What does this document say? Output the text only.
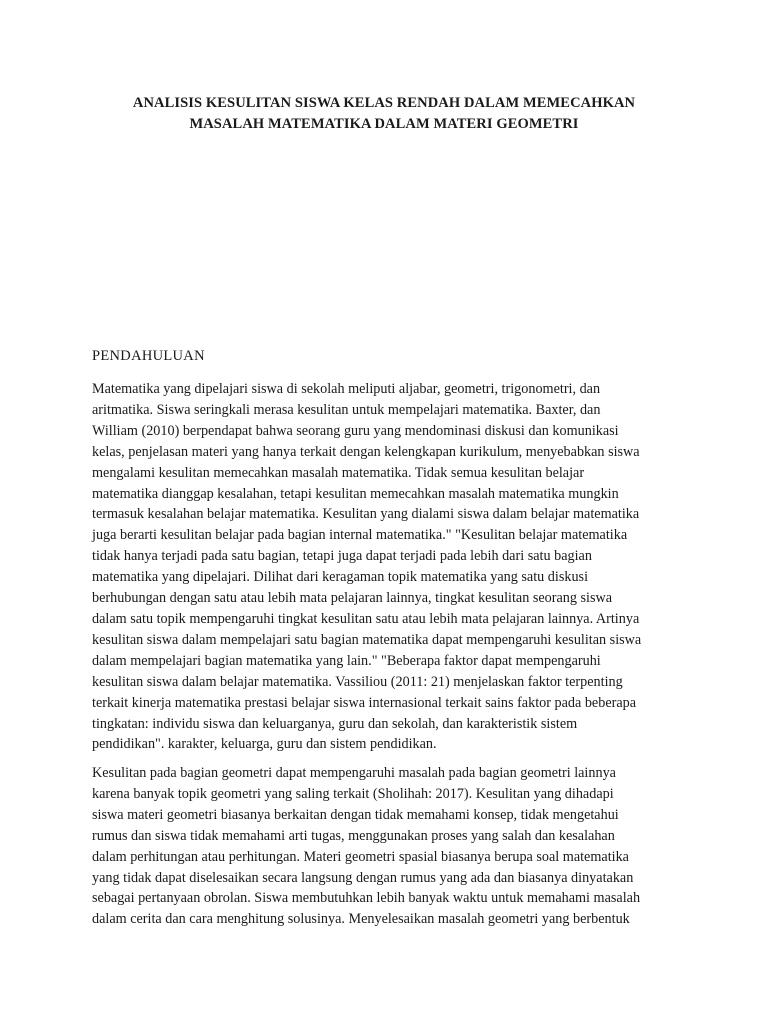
ANALISIS KESULITAN SISWA KELAS RENDAH DALAM MEMECAHKAN
MASALAH MATEMATIKA DALAM MATERI GEOMETRI
PENDAHULUAN
Matematika yang dipelajari siswa di sekolah meliputi aljabar, geometri, trigonometri, dan
aritmatika. Siswa seringkali merasa kesulitan untuk mempelajari matematika. Baxter, dan
William (2010) berpendapat bahwa seorang guru yang mendominasi diskusi dan komunikasi
kelas, penjelasan materi yang hanya terkait dengan kelengkapan kurikulum, menyebabkan siswa
mengalami kesulitan memecahkan masalah matematika. Tidak semua kesulitan belajar
matematika dianggap kesalahan, tetapi kesulitan memecahkan masalah matematika mungkin
termasuk kesalahan belajar matematika. Kesulitan yang dialami siswa dalam belajar matematika
juga berarti kesulitan belajar pada bagian internal matematika." "Kesulitan belajar matematika
tidak hanya terjadi pada satu bagian, tetapi juga dapat terjadi pada lebih dari satu bagian
matematika yang dipelajari. Dilihat dari keragaman topik matematika yang satu diskusi
berhubungan dengan satu atau lebih mata pelajaran lainnya, tingkat kesulitan seorang siswa
dalam satu topik mempengaruhi tingkat kesulitan satu atau lebih mata pelajaran lainnya. Artinya
kesulitan siswa dalam mempelajari satu bagian matematika dapat mempengaruhi kesulitan siswa
dalam mempelajari bagian matematika yang lain." "Beberapa faktor dapat mempengaruhi
kesulitan siswa dalam belajar matematika. Vassiliou (2011: 21) menjelaskan faktor terpenting
terkait kinerja matematika prestasi belajar siswa internasional terkait sains faktor pada beberapa
tingkatan: individu siswa dan keluarganya, guru dan sekolah, dan karakteristik sistem
pendidikan". karakter, keluarga, guru dan sistem pendidikan.
Kesulitan pada bagian geometri dapat mempengaruhi masalah pada bagian geometri lainnya
karena banyak topik geometri yang saling terkait (Sholihah: 2017). Kesulitan yang dihadapi
siswa materi geometri biasanya berkaitan dengan tidak memahami konsep, tidak mengetahui
rumus dan siswa tidak memahami arti tugas, menggunakan proses yang salah dan kesalahan
dalam perhitungan atau perhitungan. Materi geometri spasial biasanya berupa soal matematika
yang tidak dapat diselesaikan secara langsung dengan rumus yang ada dan biasanya dinyatakan
sebagai pertanyaan obrolan. Siswa membutuhkan lebih banyak waktu untuk memahami masalah
dalam cerita dan cara menghitung solusinya. Menyelesaikan masalah geometri yang berbentuk
